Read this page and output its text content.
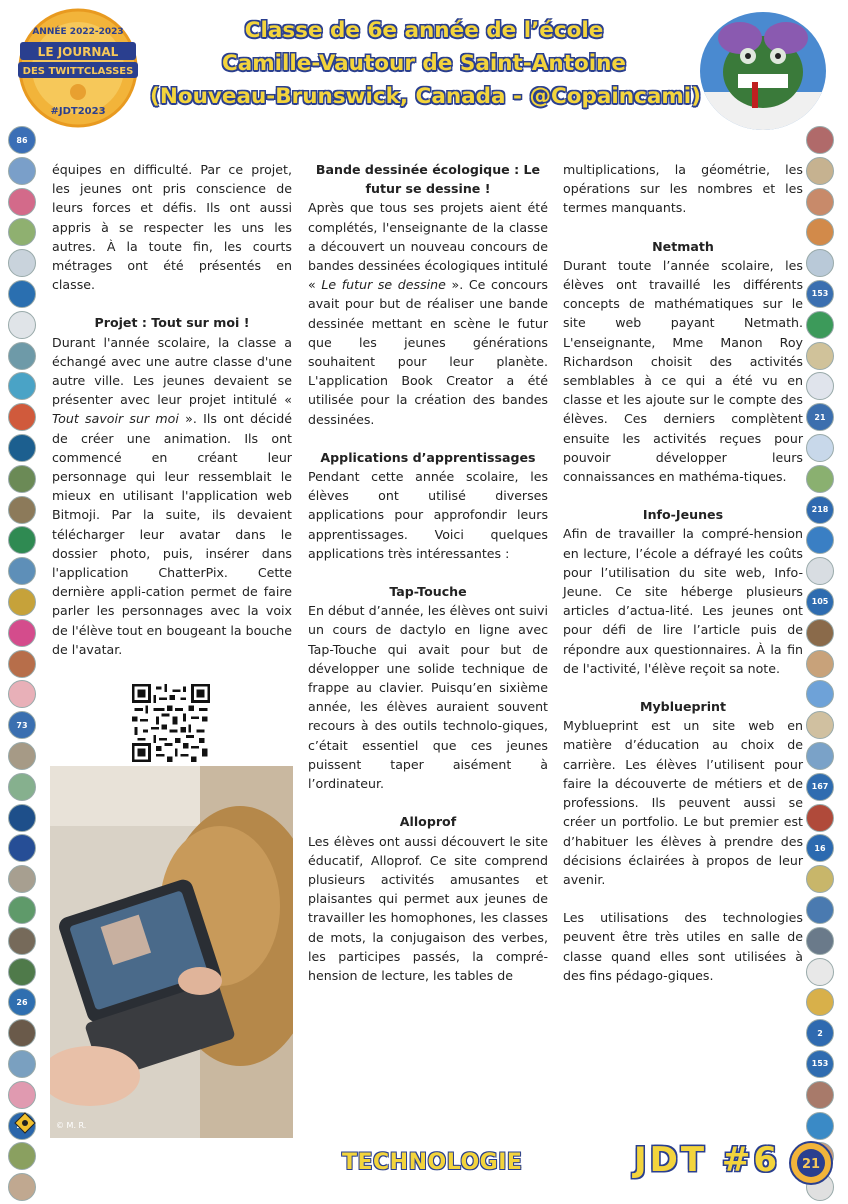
ANNÉE 2022-2023
LE JOURNAL
DES TWITTCLASSES
#JDT2023
Classe de 6e année de l’école
Camille-Vautour de Saint-Antoine
(Nouveau-Brunswick, Canada - @Copaincami)
86
73
26
153
21
218
105
167
16
2
153

équipes en difficulté. Par ce projet, les jeunes ont pris conscience de leurs forces et défis. Ils ont aussi appris à se respecter les uns les autres. À la toute fin, les courts métrages ont été présentés en classe.

Projet : Tout sur moi !

Durant l'année scolaire, la classe a échangé avec une autre classe d'une autre ville. Les jeunes devaient se présenter avec leur projet intitulé « Tout savoir sur moi ». Ils ont décidé de créer une animation. Ils ont commencé en créant leur personnage qui leur ressemblait le mieux en utilisant l'application web Bitmoji. Par la suite, ils devaient télécharger leur avatar dans le dossier photo, puis, insérer dans l'application ChatterPix. Cette dernière appli-cation permet de faire parler les personnages avec la voix de l'élève tout en bougeant la bouche de l'avatar.

© M. R.

Bande dessinée écologique : Le futur se dessine !

Après que tous ses projets aient été complétés, l'enseignante de la classe a découvert un nouveau concours de bandes dessinées écologiques intitulé « Le futur se dessine ». Ce concours avait pour but de réaliser une bande dessinée mettant en scène le futur que les jeunes générations souhaitent pour leur planète. L'application Book Creator a été utilisée pour la création des bandes dessinées.

Applications d’apprentissages

Pendant cette année scolaire, les élèves ont utilisé diverses applications pour approfondir leurs apprentissages. Voici quelques applications très intéressantes :

Tap-Touche

En début d’année, les élèves ont suivi un cours de dactylo en ligne avec Tap-Touche qui avait pour but de développer une solide technique de frappe au clavier. Puisqu’en sixième année, les élèves auraient souvent recours à des outils technolo-giques, c’était essentiel que ces jeunes puissent taper aisément à l’ordinateur.

Alloprof

Les élèves ont aussi découvert le site éducatif, Alloprof. Ce site comprend plusieurs activités amusantes et plaisantes qui permet aux jeunes de travailler les homophones, les classes de mots, la conjugaison des verbes, les participes passés, la compré-hension de lecture, les tables de

multiplications, la géométrie, les opérations sur les nombres et les termes manquants.

Netmath

Durant toute l’année scolaire, les élèves ont travaillé les différents concepts de mathématiques sur le site web payant Netmath. L'enseignante, Mme Manon Roy Richardson choisit des activités semblables à ce qui a été vu en classe et les ajoute sur le compte des élèves. Ces derniers complètent ensuite les activités reçues pour pouvoir développer leurs connaissances en mathéma-tiques.

Info-Jeunes

Afin de travailler la compré-hension en lecture, l’école a défrayé les coûts pour l’utilisation du site web, Info-Jeune. Ce site héberge plusieurs articles d’actua-lité. Les jeunes ont pour défi de lire l’article puis de répondre aux questionnaires. À la fin de l'activité, l'élève reçoit sa note.

Myblueprint

Myblueprint est un site web en matière d’éducation au choix de carrière. Les élèves l’utilisent pour faire la découverte de métiers et de professions. Ils peuvent aussi se créer un portfolio. Le but premier est d’habituer les élèves à prendre des décisions éclairées à propos de leur avenir.

Les utilisations des technologies peuvent être très utiles en salle de classe quand elles sont utilisées à des fins pédago-giques.

TECHNOLOGIE	JDT #6 21
